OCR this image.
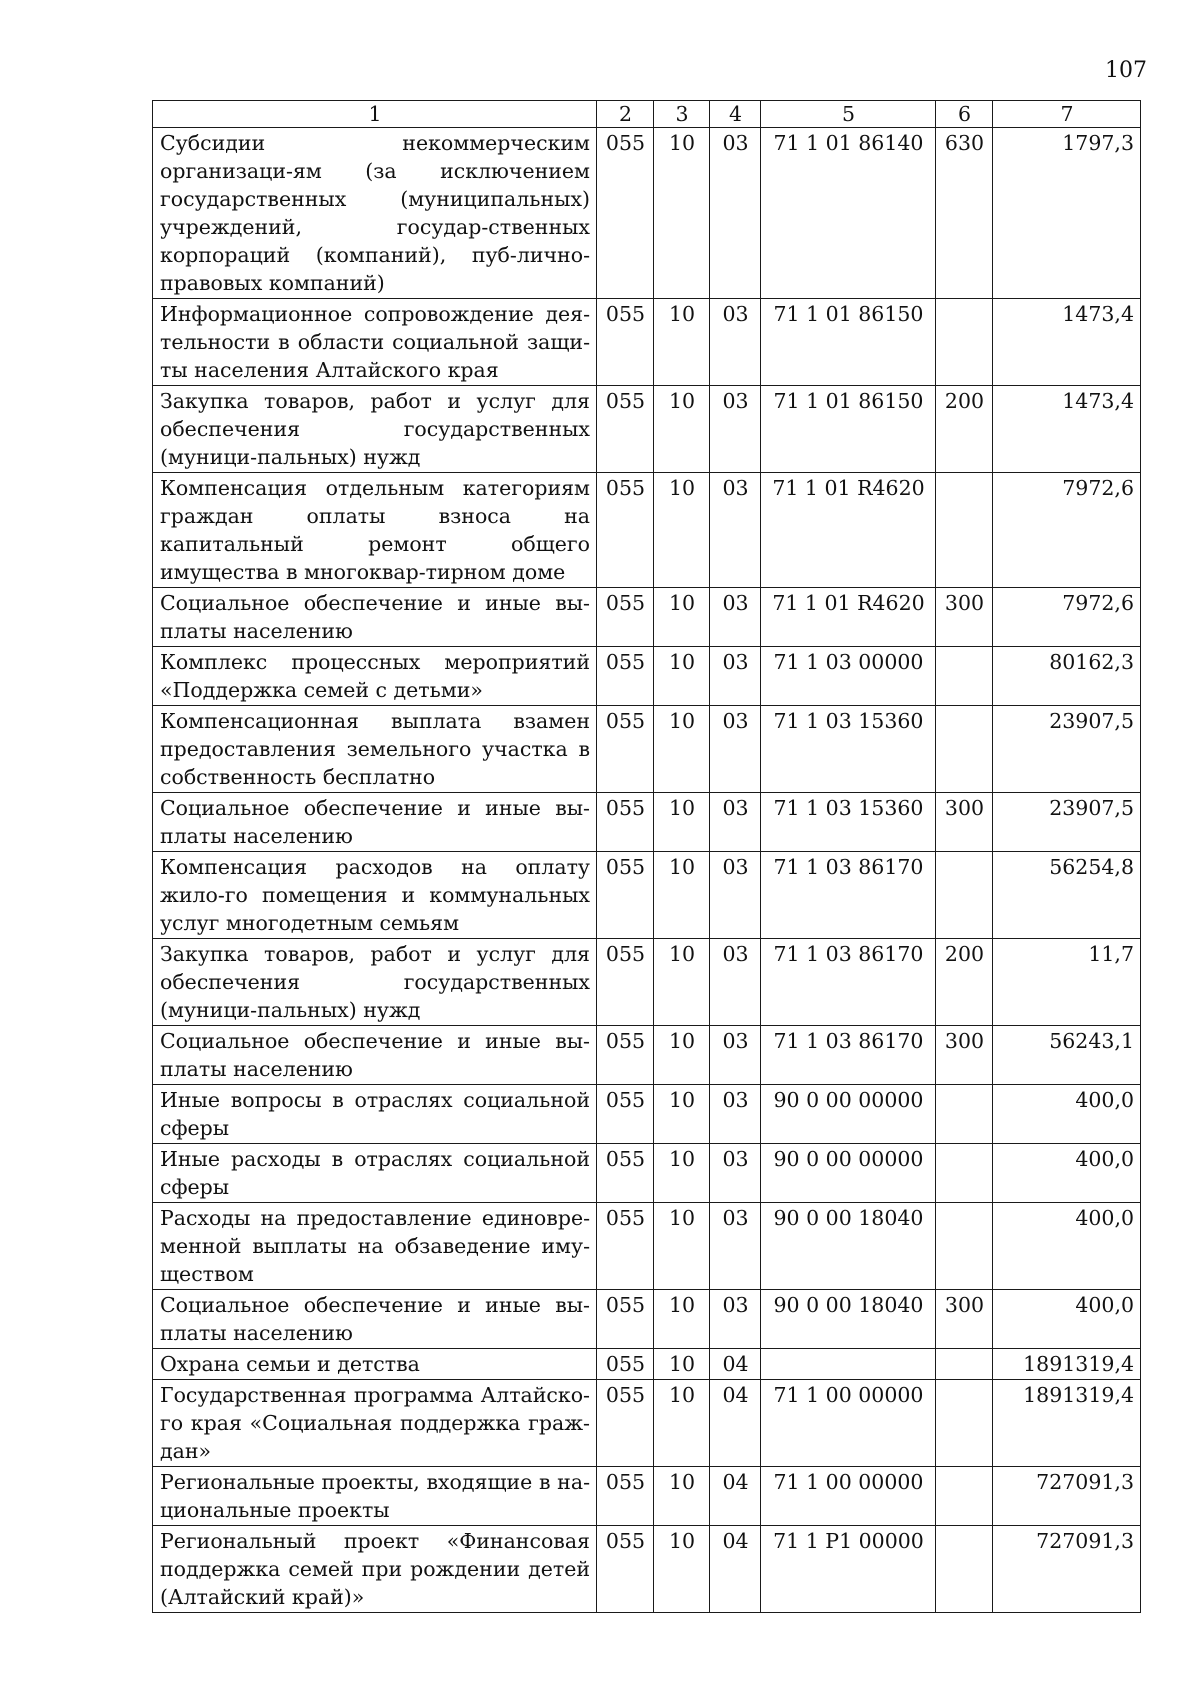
107
1	2	3	4	5	6	7
Субсидии некоммерческим организаци-ям (за исключением государственных (муниципальных) учреждений, государ-ственных корпораций (компаний), пуб-лично-правовых компаний)	055	10	03	71 1 01 86140	630	1797,3
Информационное сопровождение дея-тельности в области социальной защи-ты населения Алтайского края	055	10	03	71 1 01 86150		1473,4
Закупка товаров, работ и услуг для обеспечения государственных (муници-пальных) нужд	055	10	03	71 1 01 86150	200	1473,4
Компенсация отдельным категориям граждан оплаты взноса на капитальный ремонт общего имущества в многоквар-тирном доме	055	10	03	71 1 01 R4620		7972,6
Социальное обеспечение и иные вы-платы населению	055	10	03	71 1 01 R4620	300	7972,6
Комплекс процессных мероприятий «Поддержка семей с детьми»	055	10	03	71 1 03 00000		80162,3
Компенсационная выплата взамен предоставления земельного участка в собственность бесплатно	055	10	03	71 1 03 15360		23907,5
Социальное обеспечение и иные вы-платы населению	055	10	03	71 1 03 15360	300	23907,5
Компенсация расходов на оплату жило-го помещения и коммунальных услуг многодетным семьям	055	10	03	71 1 03 86170		56254,8
Закупка товаров, работ и услуг для обеспечения государственных (муници-пальных) нужд	055	10	03	71 1 03 86170	200	11,7
Социальное обеспечение и иные вы-платы населению	055	10	03	71 1 03 86170	300	56243,1
Иные вопросы в отраслях социальной сферы	055	10	03	90 0 00 00000		400,0
Иные расходы в отраслях социальной сферы	055	10	03	90 0 00 00000		400,0
Расходы на предоставление единовре-менной выплаты на обзаведение иму-ществом	055	10	03	90 0 00 18040		400,0
Социальное обеспечение и иные вы-платы населению	055	10	03	90 0 00 18040	300	400,0
Охрана семьи и детства	055	10	04			1891319,4
Государственная программа Алтайско-го края «Социальная поддержка граж-дан»	055	10	04	71 1 00 00000		1891319,4
Региональные проекты, входящие в на-циональные проекты	055	10	04	71 1 00 00000		727091,3
Региональный проект «Финансовая поддержка семей при рождении детей (Алтайский край)»	055	10	04	71 1 P1 00000		727091,3
